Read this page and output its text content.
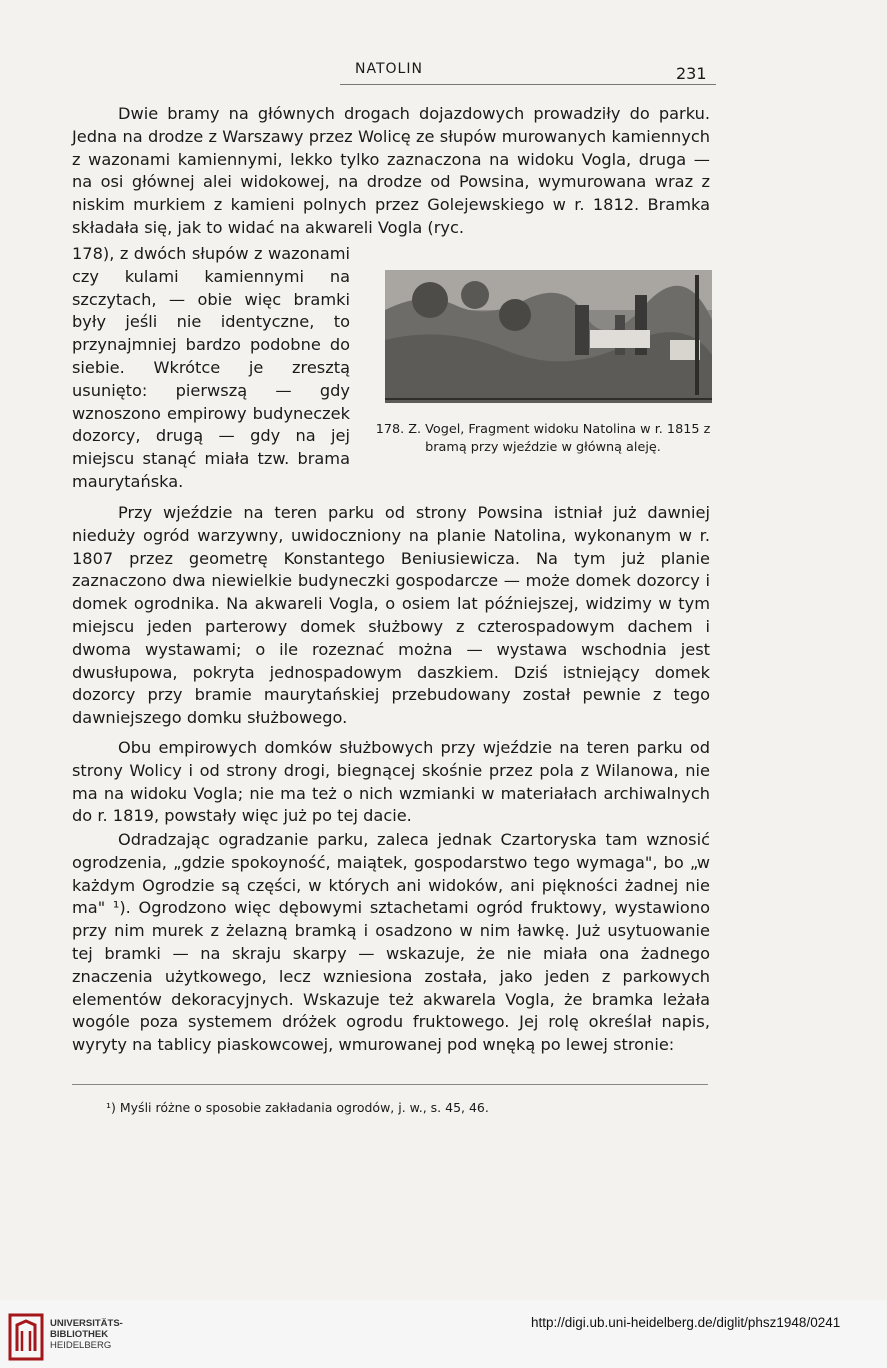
NATOLIN	231

Dwie bramy na głównych drogach dojazdowych prowadziły do parku. Jedna na drodze z Warszawy przez Wolicę ze słupów murowanych kamiennych z wazonami kamiennymi, lekko tylko zaznaczona na widoku Vogla, druga — na osi głównej alei widokowej, na drodze od Powsina, wymurowana wraz z niskim murkiem z kamieni polnych przez Golejewskiego w r. 1812. Bramka składała się, jak to widać na akwareli Vogla (ryc.

178), z dwóch słupów z wazonami czy kulami kamiennymi na szczytach, — obie więc bramki były jeśli nie identyczne, to przynajmniej bardzo podobne do siebie. Wkrótce je zresztą usunięto: pierwszą — gdy wznoszono empirowy budyneczek dozorcy, drugą — gdy na jej miejscu stanąć miała tzw. brama maurytańska.

178. Z. Vogel, Fragment widoku Natolina w r. 1815 z bramą przy wjeździe w główną aleję.

Przy wjeździe na teren parku od strony Powsina istniał już dawniej nieduży ogród warzywny, uwidoczniony na planie Natolina, wykonanym w r. 1807 przez geometrę Konstantego Beniusiewicza. Na tym już planie zaznaczono dwa niewielkie budyneczki gospodarcze — może domek dozorcy i domek ogrodnika. Na akwareli Vogla, o osiem lat późniejszej, widzimy w tym miejscu jeden parterowy domek służbowy z czterospadowym dachem i dwoma wystawami; o ile rozeznać można — wystawa wschodnia jest dwusłupowa, pokryta jednospadowym daszkiem. Dziś istniejący domek dozorcy przy bramie maurytańskiej przebudowany został pewnie z tego dawniejszego domku służbowego.

Obu empirowych domków służbowych przy wjeździe na teren parku od strony Wolicy i od strony drogi, biegnącej skośnie przez pola z Wilanowa, nie ma na widoku Vogla; nie ma też o nich wzmianki w materiałach archiwalnych do r. 1819, powstały więc już po tej dacie.

Odradzając ogradzanie parku, zaleca jednak Czartoryska tam wznosić ogrodzenia, „gdzie spokoyność, maiątek, gospodarstwo tego wymaga", bo „w każdym Ogrodzie są części, w których ani widoków, ani piękności żadnej nie ma" ¹). Ogrodzono więc dębowymi sztachetami ogród fruktowy, wystawiono przy nim murek z żelazną bramką i osadzono w nim ławkę. Już usytuowanie tej bramki — na skraju skarpy — wskazuje, że nie miała ona żadnego znaczenia użytkowego, lecz wzniesiona została, jako jeden z parkowych elementów dekoracyjnych. Wskazuje też akwarela Vogla, że bramka leżała wogóle poza systemem dróżek ogrodu fruktowego. Jej rolę określał napis, wyryty na tablicy piaskowcowej, wmurowanej pod wnęką po lewej stronie:

¹) Myśli różne o sposobie zakładania ogrodów, j. w., s. 45, 46.
UNIVERSITÄTS-
BIBLIOTHEK
HEIDELBERG
http://digi.ub.uni-heidelberg.de/diglit/phsz1948/0241
